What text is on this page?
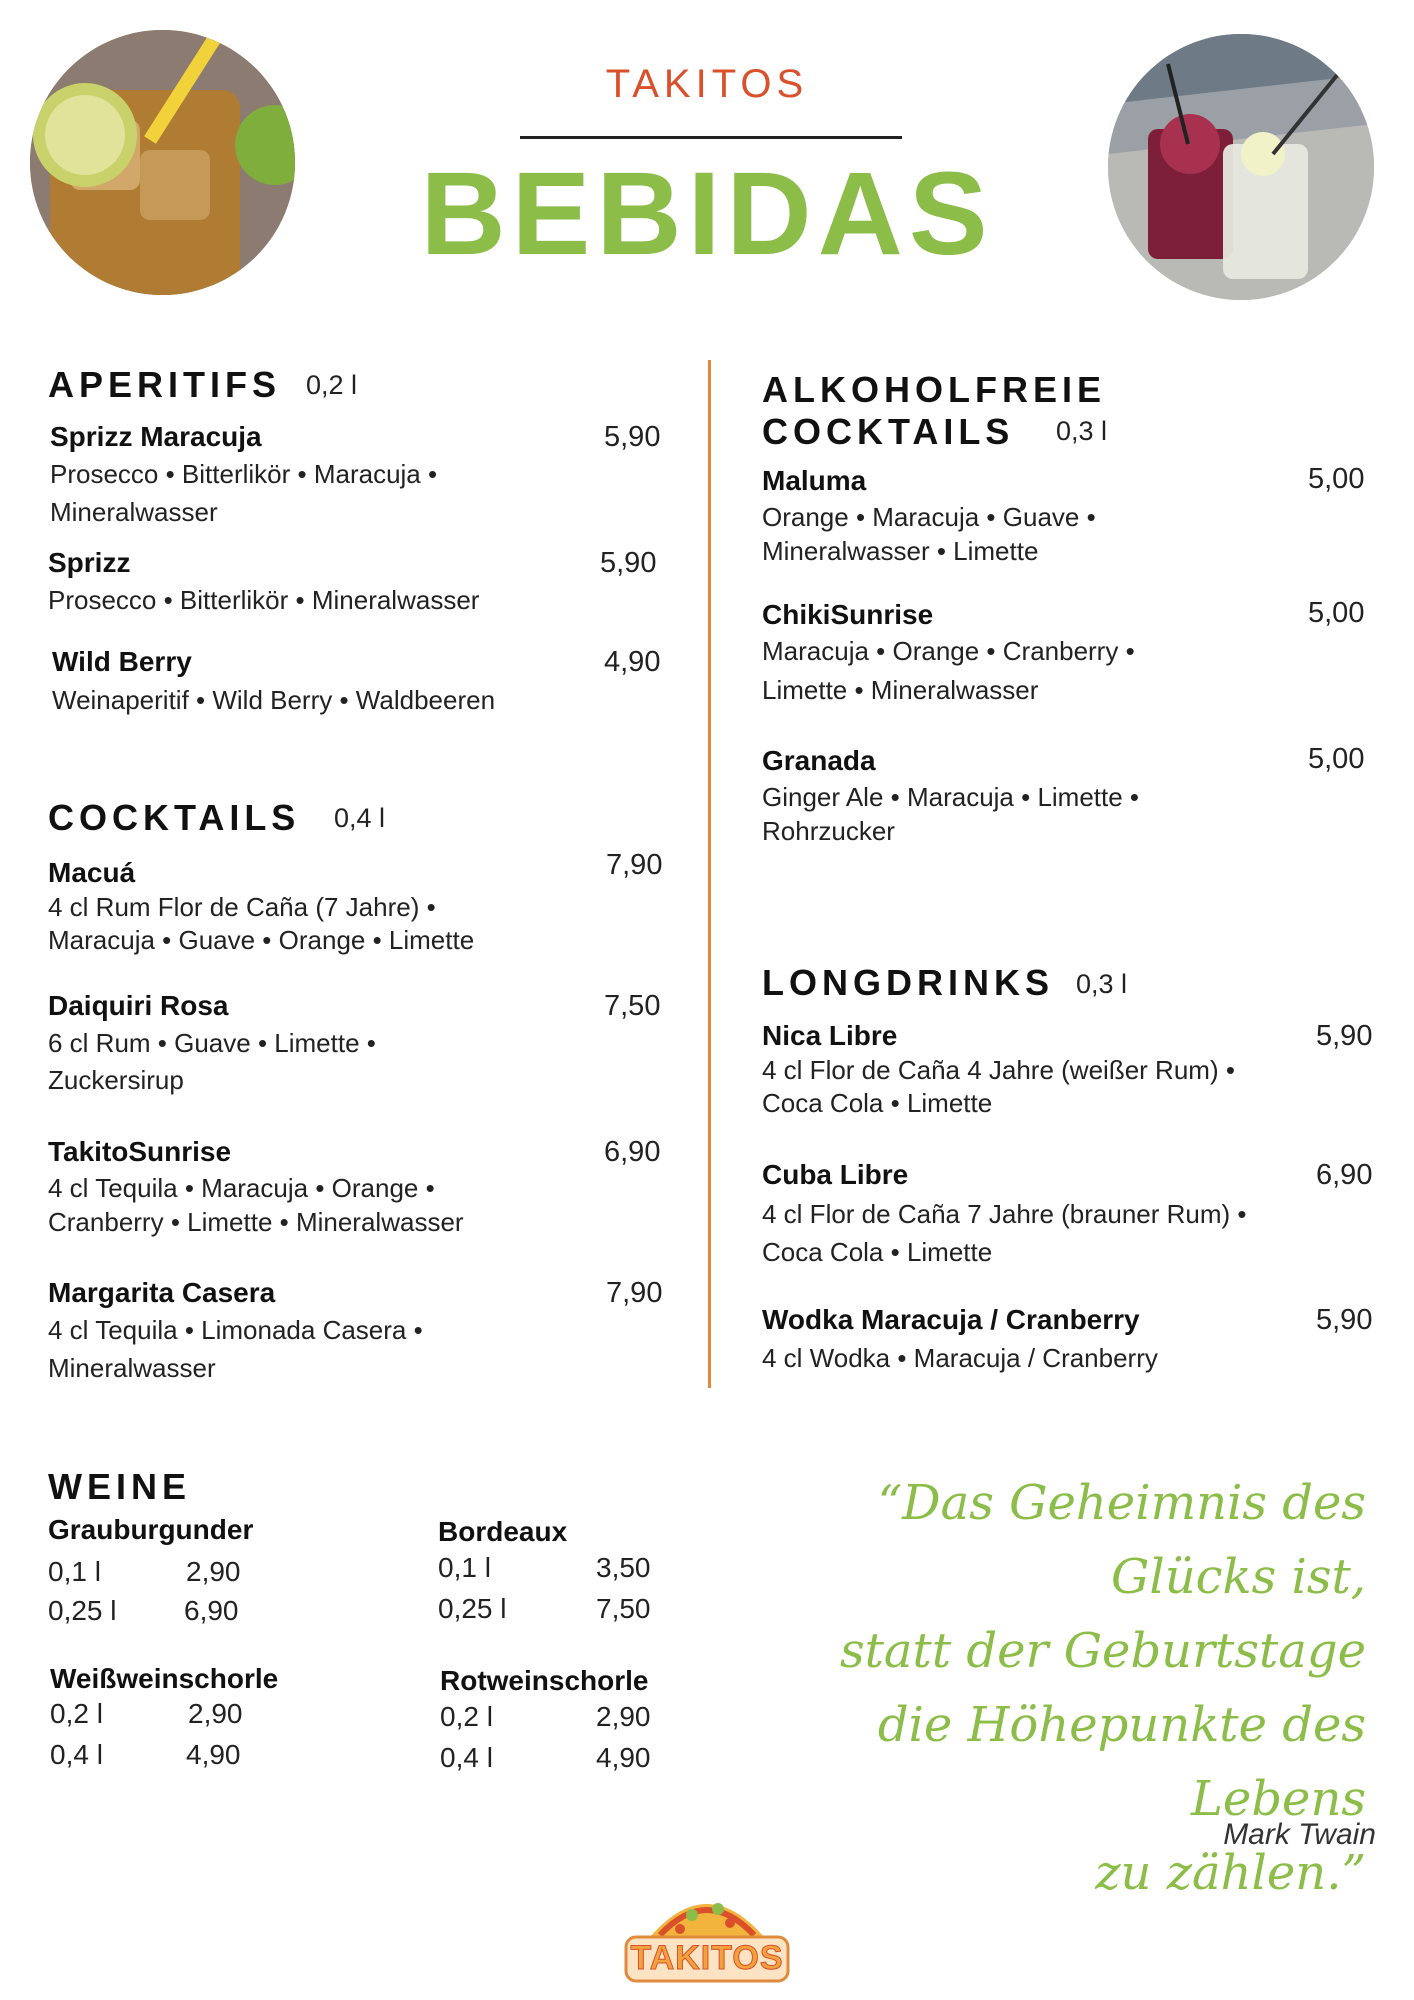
TAKITOS
BEBIDAS
APERITIFS 0,2 l
Sprizz Maracuja	5,90
Prosecco • Bitterlikör • Maracuja •
Mineralwasser
Sprizz	5,90
Prosecco • Bitterlikör • Mineralwasser
Wild Berry	4,90
Weinaperitif • Wild Berry • Waldbeeren
COCKTAILS 0,4 l
Macuá	7,90
4 cl Rum Flor de Caña (7 Jahre) •
Maracuja • Guave • Orange • Limette
Daiquiri Rosa	7,50
6 cl Rum • Guave • Limette •
Zuckersirup
TakitoSunrise	6,90
4 cl Tequila • Maracuja • Orange •
Cranberry • Limette • Mineralwasser
Margarita Casera	7,90
4 cl Tequila • Limonada Casera •
Mineralwasser
ALKOHOLFREIE
COCKTAILS 0,3 l
Maluma	5,00
Orange • Maracuja • Guave •
Mineralwasser • Limette
ChikiSunrise	5,00
Maracuja • Orange • Cranberry •
Limette • Mineralwasser
Granada	5,00
Ginger Ale • Maracuja • Limette •
Rohrzucker
LONGDRINKS 0,3 l
Nica Libre	5,90
4 cl Flor de Caña 4 Jahre (weißer Rum) •
Coca Cola • Limette
Cuba Libre	6,90
4 cl Flor de Caña 7 Jahre (brauner Rum) •
Coca Cola • Limette
Wodka Maracuja / Cranberry	5,90
4 cl Wodka • Maracuja / Cranberry
WEINE
Grauburgunder
0,1 l	2,90
0,25 l 6,90
Bordeaux
0,1 l	3,50
0,25 l	7,50
Weißweinschorle
0,2 l	2,90
0,4 l	4,90
Rotweinschorle
0,2 l	2,90
0,4 l	4,90
“Das Geheimnis des Glücks ist,
statt der Geburtstage
die Höhepunkte des Lebens
zu zählen.”
Mark Twain
TAKITOS
